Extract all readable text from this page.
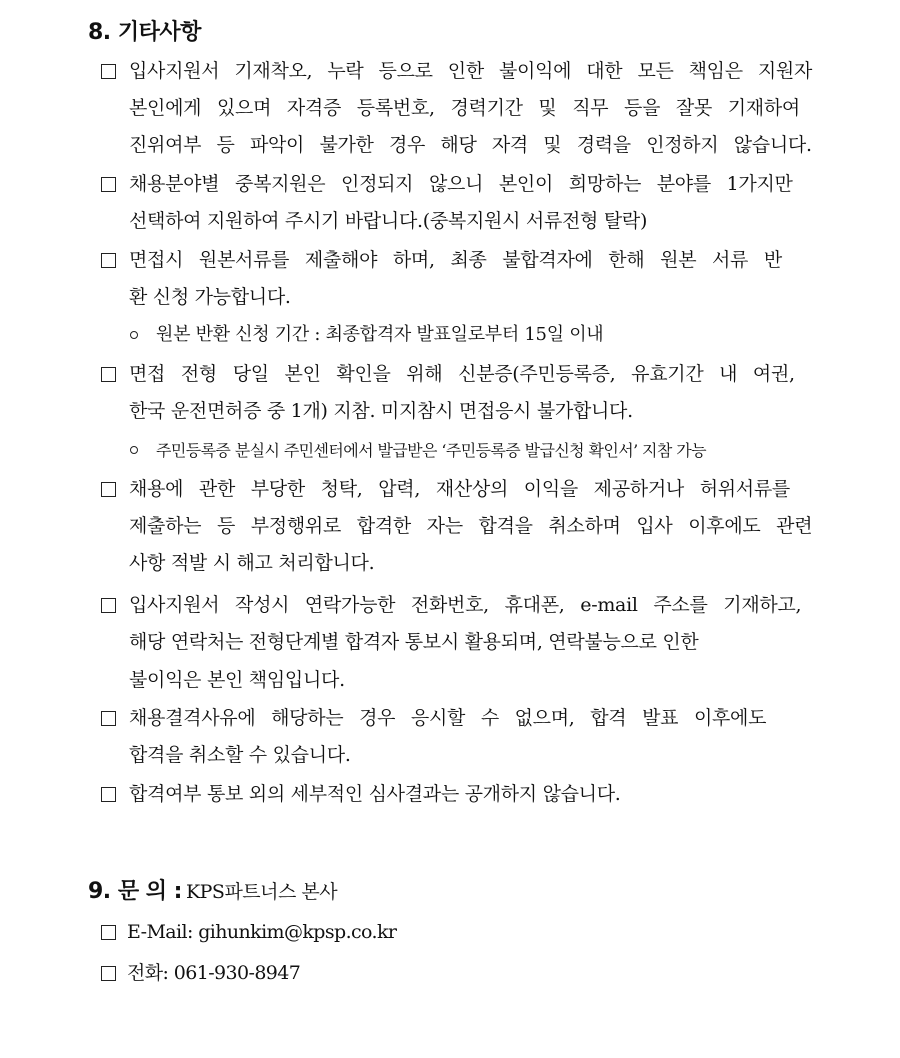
8. 기타사항
입사지원서 기재착오, 누락 등으로 인한 불이익에 대한 모든 책임은 지원자
본인에게 있으며 자격증 등록번호, 경력기간 및 직무 등을 잘못 기재하여
진위여부 등 파악이 불가한 경우 해당 자격 및 경력을 인정하지 않습니다.
채용분야별 중복지원은 인정되지 않으니 본인이 희망하는 분야를 1가지만
선택하여 지원하여 주시기 바랍니다.(중복지원시 서류전형 탈락)
면접시 원본서류를 제출해야 하며, 최종 불합격자에 한해 원본 서류 반
환 신청 가능합니다.
원본 반환 신청 기간 : 최종합격자 발표일로부터 15일 이내
면접 전형 당일 본인 확인을 위해 신분증(주민등록증, 유효기간 내 여권,
한국 운전면허증 중 1개) 지참. 미지참시 면접응시 불가합니다.
주민등록증 분실시 주민센터에서 발급받은 ‘주민등록증 발급신청 확인서’ 지참 가능
채용에 관한 부당한 청탁, 압력, 재산상의 이익을 제공하거나 허위서류를
제출하는 등 부정행위로 합격한 자는 합격을 취소하며 입사 이후에도 관련
사항 적발 시 해고 처리합니다.
입사지원서 작성시 연락가능한 전화번호, 휴대폰, e-mail 주소를 기재하고,
해당 연락처는 전형단계별 합격자 통보시 활용되며, 연락불능으로 인한
불이익은 본인 책임입니다.
채용결격사유에 해당하는 경우 응시할 수 없으며, 합격 발표 이후에도
합격을 취소할 수 있습니다.
합격여부 통보 외의 세부적인 심사결과는 공개하지 않습니다.
9. 문 의 : KPS파트너스 본사
E-Mail: gihunkim@kpsp.co.kr
전화: 061-930-8947
